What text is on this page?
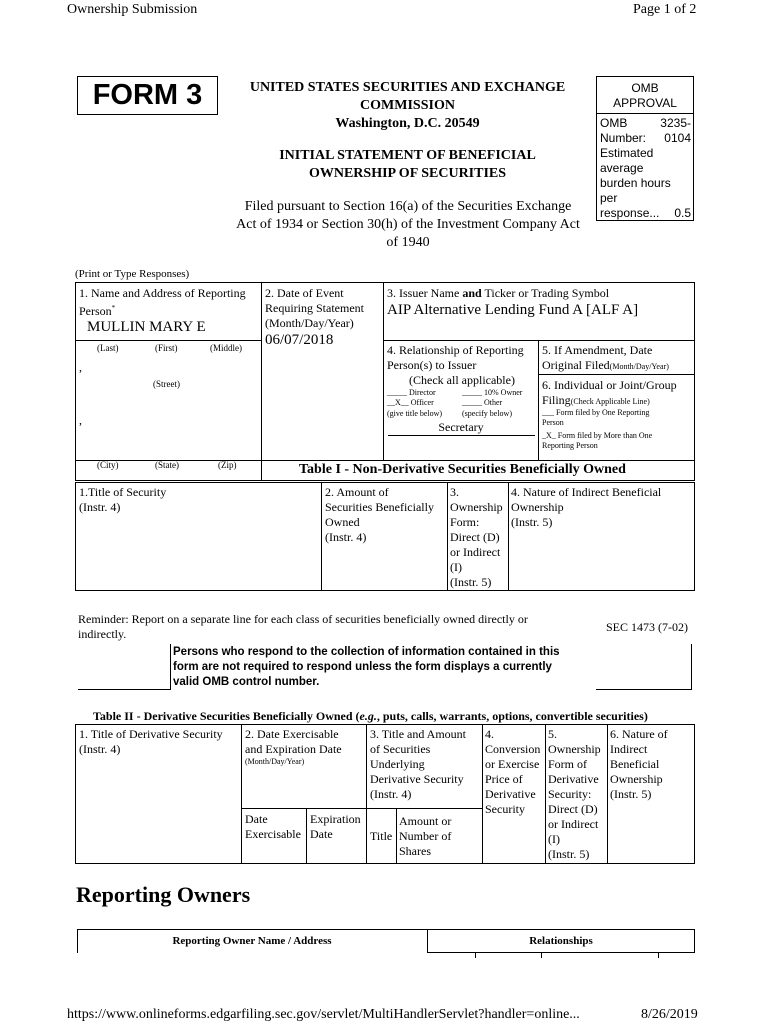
Ownership Submission	Page 1 of 2
FORM 3	UNITED STATES SECURITIES AND EXCHANGE
COMMISSION
Washington, D.C. 20549
INITIAL STATEMENT OF BENEFICIAL
OWNERSHIP OF SECURITIES
Filed pursuant to Section 16(a) of the Securities Exchange
Act of 1934 or Section 30(h) of the Investment Company Act
of 1940
OMB
APPROVAL
OMB
Number:
3235-
0104
Estimated
average
burden hours
per
response... 0.5
(Print or Type Responses)
1. Name and Address of Reporting
Person*
MULLIN MARY E
(Last)	(First)	(Middle)
,
(Street)
,
(City)	(State)	(Zip)
2. Date of Event
Requiring Statement
(Month/Day/Year)
06/07/2018
3. Issuer Name and Ticker or Trading Symbol
AIP Alternative Lending Fund A [ALF A]
4. Relationship of Reporting
Person(s) to Issuer
(Check all applicable)
_____ Director	_____ 10% Owner
__X__ Officer	_____ Other
(give title below) (specify below)
Secretary
5. If Amendment, Date
Original Filed(Month/Day/Year)
6. Individual or Joint/Group
Filing(Check Applicable Line)
___ Form filed by One Reporting
Person
_X_ Form filed by More than One
Reporting Person
Table I - Non-Derivative Securities Beneficially Owned
1.Title of Security
(Instr. 4)
2. Amount of
Securities Beneficially
Owned
(Instr. 4)
3.
Ownership
Form:
Direct (D)
or Indirect
(I)
(Instr. 5)
4. Nature of Indirect Beneficial
Ownership
(Instr. 5)
Reminder: Report on a separate line for each class of securities beneficially owned directly or
indirectly.	SEC 1473 (7-02)
Persons who respond to the collection of information contained in this
form are not required to respond unless the form displays a currently
valid OMB control number.
Table II - Derivative Securities Beneficially Owned (e.g., puts, calls, warrants, options, convertible securities)
1. Title of Derivative Security
(Instr. 4)
2. Date Exercisable
and Expiration Date
(Month/Day/Year)
Date
Exercisable
Expiration
Date
3. Title and Amount
of Securities
Underlying
Derivative Security
(Instr. 4)
Title
Amount or
Number of
Shares
4.
Conversion
or Exercise
Price of
Derivative
Security
5.
Ownership
Form of
Derivative
Security:
Direct (D)
or Indirect
(I)
(Instr. 5)
6. Nature of
Indirect
Beneficial
Ownership
(Instr. 5)
Reporting Owners
Reporting Owner Name / Address	Relationships
https://www.onlineforms.edgarfiling.sec.gov/servlet/MultiHandlerServlet?handler=online...	8/26/2019
